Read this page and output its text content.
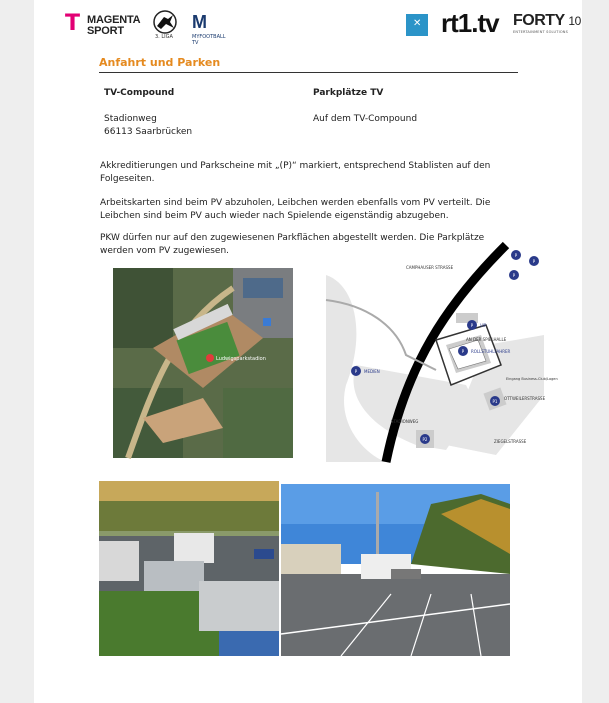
T MAGENTA
SPORT	3. LIGA
M
MYFOOTBALL TV
✕ rt1.tv FORTY 10
ENTERTAINMENT SOLUTIONS
Anfahrt und Parken
TV-Compound
Stadionweg
66113 Saarbrücken
Parkplätze TV
Auf dem TV-Compound
Akkreditierungen und Parkscheine mit „(P)“ markiert, entsprechend Stablisten auf den Folgeseiten.
Arbeitskarten sind beim PV abzuholen, Leibchen werden ebenfalls vom PV verteilt. Die Leibchen sind beim PV auch wieder nach Spielende eigenständig abzugeben.
PKW dürfen nur auf den zugewiesenen Parkflächen abgestellt werden. Die Parkplätze werden vom PV zugewiesen.
Ludwigsparkstadion
CAMPHAUSER STRASSE
AN DER SPIELHALLE
OTTWEILERSTRASSE
STADIONWEG
ZIEGELSTRASSE
VIP
ROLLSTUHLFAHRER
MEDIEN
Eingang Business-Club/Logen
P
P
P
P
P
P
P1
P2
